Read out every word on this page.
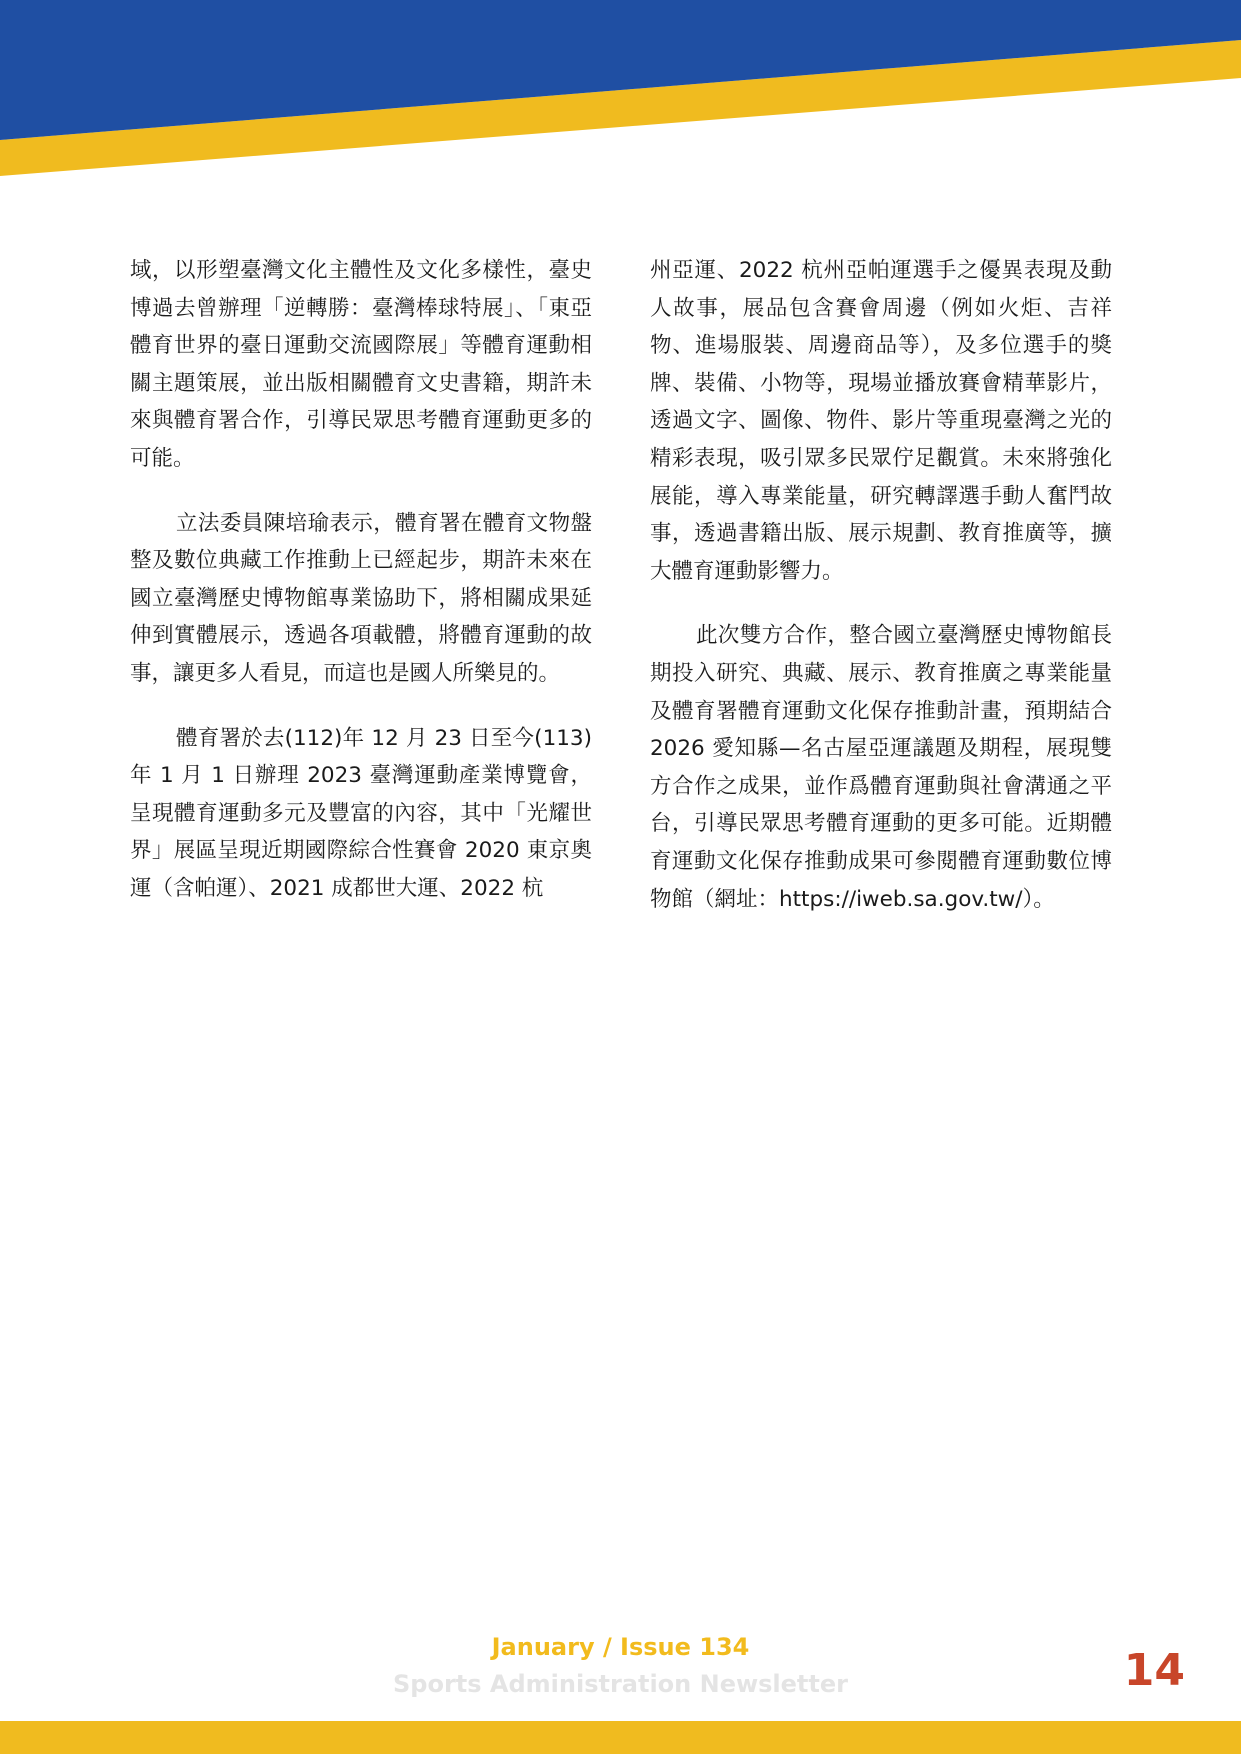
域，以形塑臺灣文化主體性及文化多樣性，臺史博過去曾辦理「逆轉勝：臺灣棒球特展」、「東亞體育世界的臺日運動交流國際展」等體育運動相關主題策展，並出版相關體育文史書籍，期許未來與體育署合作，引導民眾思考體育運動更多的可能。

立法委員陳培瑜表示，體育署在體育文物盤整及數位典藏工作推動上已經起步，期許未來在國立臺灣歷史博物館專業協助下，將相關成果延伸到實體展示，透過各項載體，將體育運動的故事，讓更多人看見，而這也是國人所樂見的。

體育署於去(112)年 12 月 23 日至今(113)年 1 月 1 日辦理 2023 臺灣運動產業博覽會，呈現體育運動多元及豐富的內容，其中「光耀世界」展區呈現近期國際綜合性賽會 2020 東京奧運（含帕運）、2021 成都世大運、2022 杭

州亞運、2022 杭州亞帕運選手之優異表現及動人故事，展品包含賽會周邊（例如火炬、吉祥物、進場服裝、周邊商品等），及多位選手的獎牌、裝備、小物等，現場並播放賽會精華影片，透過文字、圖像、物件、影片等重現臺灣之光的精彩表現，吸引眾多民眾佇足觀賞。未來將強化展能，導入專業能量，研究轉譯選手動人奮鬥故事，透過書籍出版、展示規劃、教育推廣等，擴大體育運動影響力。

此次雙方合作，整合國立臺灣歷史博物館長期投入研究、典藏、展示、教育推廣之專業能量及體育署體育運動文化保存推動計畫，預期結合 2026 愛知縣—名古屋亞運議題及期程，展現雙方合作之成果，並作爲體育運動與社會溝通之平台，引導民眾思考體育運動的更多可能。近期體育運動文化保存推動成果可參閱體育運動數位博物館（網址：https://iweb.sa.gov.tw/）。

January / Issue 134
Sports Administration Newsletter	14
